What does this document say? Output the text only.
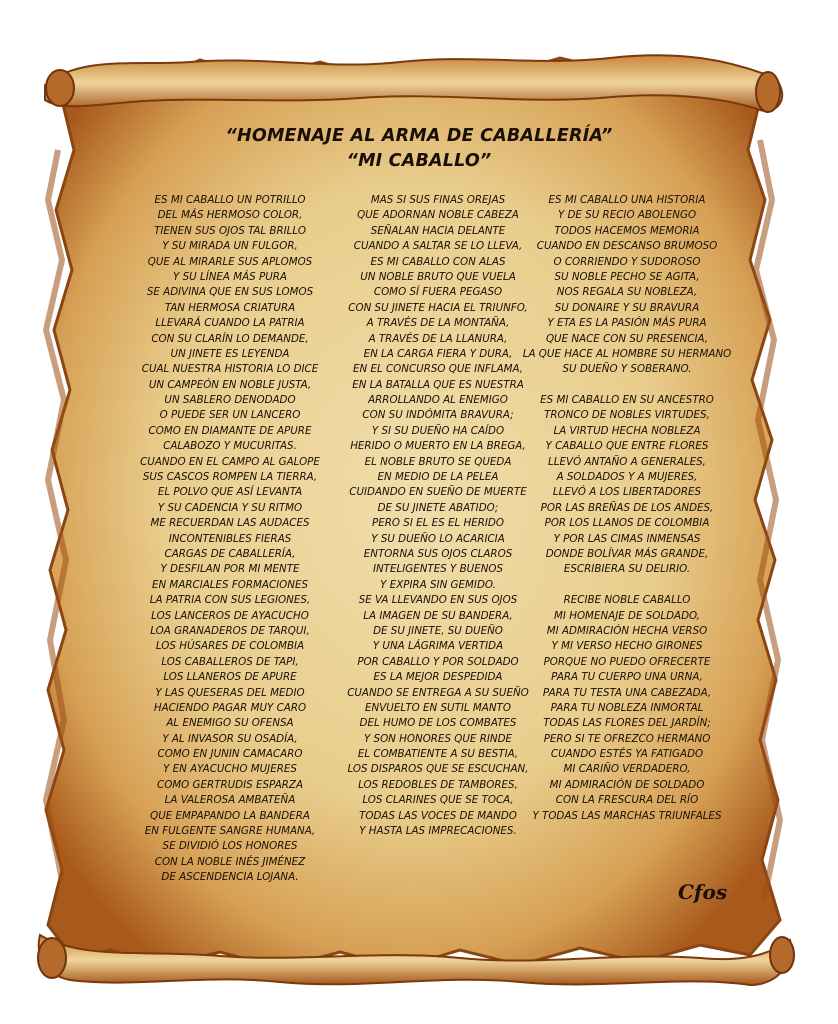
“HOMENAJE AL ARMA DE CABALLERÍA”
“MI CABALLO”
ES MI CABALLO UN POTRILLO
DEL MÁS HERMOSO COLOR,
TIENEN SUS OJOS TAL BRILLO
Y SU MIRADA UN FULGOR,
QUE AL MIRARLE SUS APLOMOS
Y SU LÍNEA MÁS PURA
SE ADIVINA QUE EN SUS LOMOS
TAN HERMOSA CRIATURA
LLEVARÁ CUANDO LA PATRIA
CON SU CLARÍN LO DEMANDE,
UN JINETE ES LEYENDA
CUAL NUESTRA HISTORIA LO DICE
UN CAMPEÓN EN NOBLE JUSTA,
UN SABLERO DENODADO
O PUEDE SER UN LANCERO
COMO EN DIAMANTE DE APURE
CALABOZO Y MUCURITAS.
CUANDO EN EL CAMPO AL GALOPE
SUS CASCOS ROMPEN LA TIERRA,
EL POLVO QUE ASÍ LEVANTA
Y SU CADENCIA Y SU RITMO
ME RECUERDAN LAS AUDACES
INCONTENIBLES FIERAS
CARGAS DE CABALLERÍA,
Y DESFILAN POR MI MENTE
EN MARCIALES FORMACIONES
LA PATRIA CON SUS LEGIONES,
LOS LANCEROS DE AYACUCHO
LOA GRANADEROS DE TARQUI,
LOS HÚSARES DE COLOMBIA
LOS CABALLEROS DE TAPI,
LOS LLANEROS DE APURE
Y LAS QUESERAS DEL MEDIO
HACIENDO PAGAR MUY CARO
AL ENEMIGO SU OFENSA
Y AL INVASOR SU OSADÍA,
COMO EN JUNIN CAMACARO
Y EN AYACUCHO MUJERES
COMO GERTRUDIS ESPARZA
LA VALEROSA AMBATEÑA
QUE EMPAPANDO LA BANDERA
EN FULGENTE SANGRE HUMANA,
SE DIVIDIÓ LOS HONORES
CON LA NOBLE INÉS JIMÉNEZ
DE ASCENDENCIA LOJANA.
MAS SI SUS FINAS OREJAS
QUE ADORNAN NOBLE CABEZA
SEÑALAN HACIA DELANTE
CUANDO A SALTAR SE LO LLEVA,
ES MI CABALLO CON ALAS
UN NOBLE BRUTO QUE VUELA
COMO SÍ FUERA PEGASO
CON SU JINETE HACIA EL TRIUNFO,
A TRAVÉS DE LA MONTAÑA,
A TRAVÉS DE LA LLANURA,
EN LA CARGA FIERA Y DURA,
EN EL CONCURSO QUE INFLAMA,
EN LA BATALLA QUE ES NUESTRA
ARROLLANDO AL ENEMIGO
CON SU INDÓMITA BRAVURA;
Y SI SU DUEÑO HA CAÍDO
HERIDO O MUERTO EN LA BREGA,
EL NOBLE BRUTO SE QUEDA
EN MEDIO DE LA PELEA
CUIDANDO EN SUEÑO DE MUERTE
DE SU JINETE ABATIDO;
PERO SI EL ES EL HERIDO
Y SU DUEÑO LO ACARICIA
ENTORNA SUS OJOS CLAROS
INTELIGENTES Y BUENOS
Y EXPIRA SIN GEMIDO.
SE VA LLEVANDO EN SUS OJOS
LA IMAGEN DE SU BANDERA,
DE SU JINETE, SU DUEÑO
Y UNA LÁGRIMA VERTIDA
POR CABALLO Y POR SOLDADO
ES LA MEJOR DESPEDIDA
CUANDO SE ENTREGA A SU SUEÑO
ENVUELTO EN SUTIL MANTO
DEL HUMO DE LOS COMBATES
Y SON HONORES QUE RINDE
EL COMBATIENTE A SU BESTIA,
LOS DISPAROS QUE SE ESCUCHAN,
LOS REDOBLES DE TAMBORES,
LOS CLARINES QUE SE TOCA,
TODAS LAS VOCES DE MANDO
Y HASTA LAS IMPRECACIONES.
ES MI CABALLO UNA HISTORIA
Y DE SU RECIO ABOLENGO
TODOS HACEMOS MEMORIA
CUANDO EN DESCANSO BRUMOSO
O CORRIENDO Y SUDOROSO
SU NOBLE PECHO SE AGITA,
NOS REGALA SU NOBLEZA,
SU DONAIRE Y SU BRAVURA
Y ETA ES LA PASIÓN MÁS PURA
QUE NACE CON SU PRESENCIA,
LA QUE HACE AL HOMBRE SU HERMANO
SU DUEÑO Y SOBERANO.
ES MI CABALLO EN SU ANCESTRO
TRONCO DE NOBLES VIRTUDES,
LA VIRTUD HECHA NOBLEZA
Y CABALLO QUE ENTRE FLORES
LLEVÓ ANTAÑO A GENERALES,
A SOLDADOS Y A MUJERES,
LLEVÓ A LOS LIBERTADORES
POR LAS BREÑAS DE LOS ANDES,
POR LOS LLANOS DE COLOMBIA
Y POR LAS CIMAS INMENSAS
DONDE BOLÍVAR MÁS GRANDE,
ESCRIBIERA SU DELIRIO.
RECIBE NOBLE CABALLO
MI HOMENAJE DE SOLDADO,
MI ADMIRACIÓN HECHA VERSO
Y MI VERSO HECHO GIRONES
PORQUE NO PUEDO OFRECERTE
PARA TU CUERPO UNA URNA,
PARA TU TESTA UNA CABEZADA,
PARA TU NOBLEZA INMORTAL
TODAS LAS FLORES DEL JARDÍN;
PERO SI TE OFREZCO HERMANO
CUANDO ESTÉS YA FATIGADO
MI CARIÑO VERDADERO,
MI ADMIRACIÓN DE SOLDADO
CON LA FRESCURA DEL RÍO
Y TODAS LAS MARCHAS TRIUNFALES
Cfos
